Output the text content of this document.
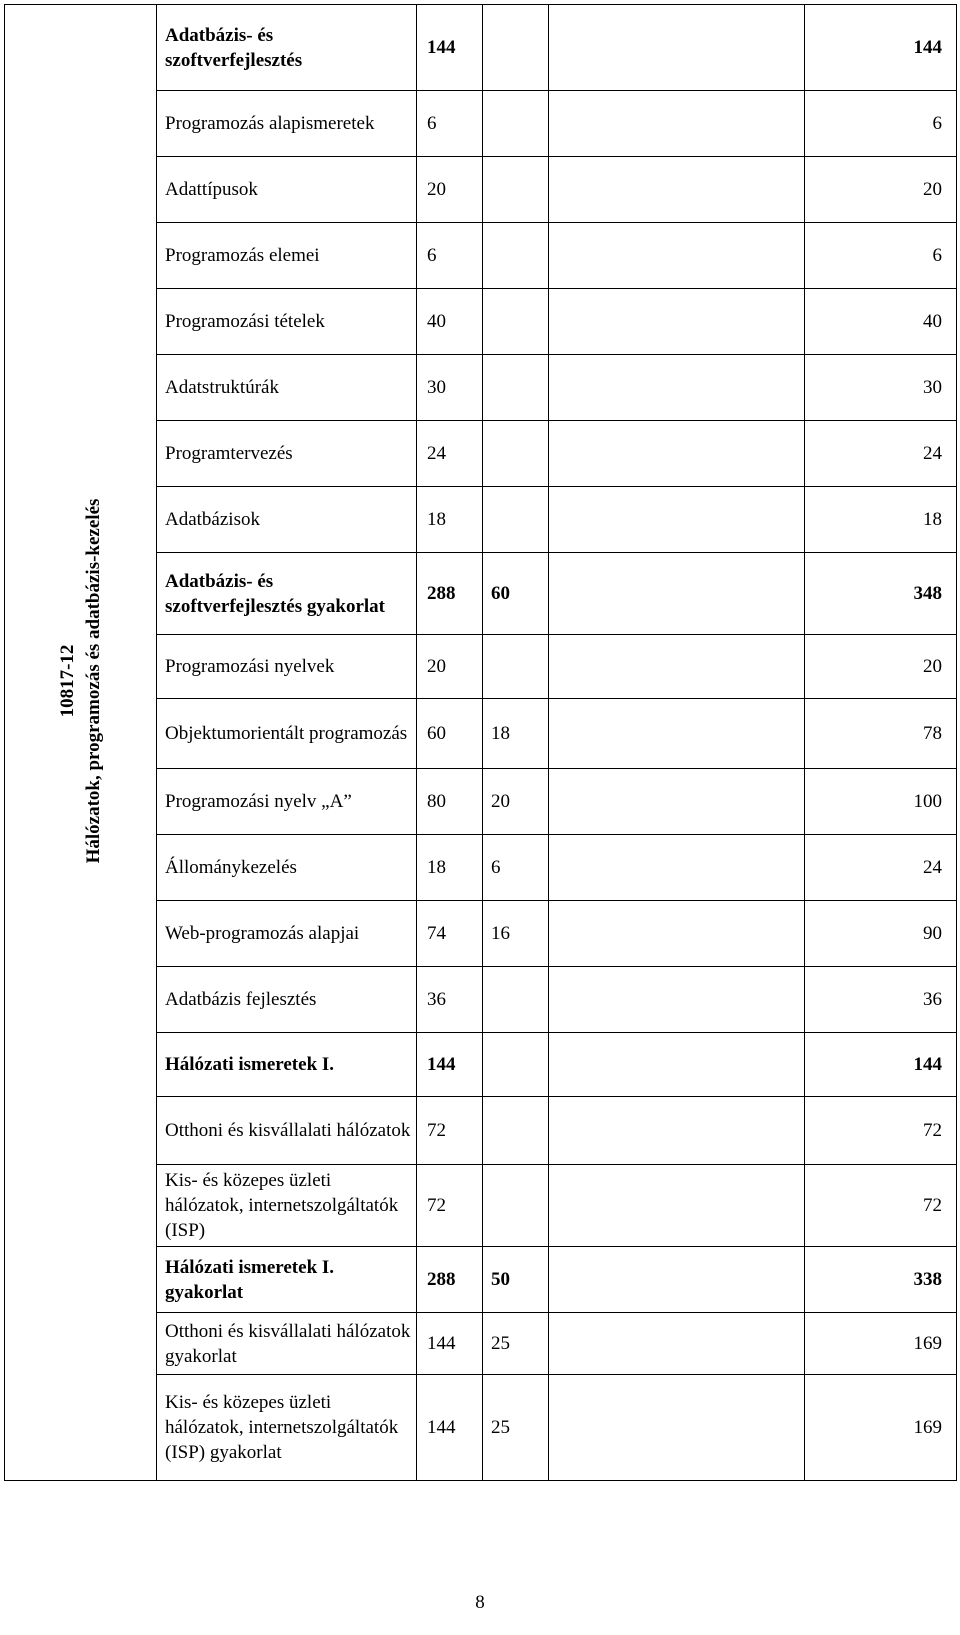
10817-12 Hálózatok, programozás és adatbázis-kezelés	Adatbázis- és szoftverfejlesztés	144			144
	Programozás alapismeretek	6			6
	Adattípusok	20			20
	Programozás elemei	6			6
	Programozási tételek	40			40
	Adatstruktúrák	30			30
	Programtervezés	24			24
	Adatbázisok	18			18
	Adatbázis- és szoftverfejlesztés gyakorlat	288	60		348
	Programozási nyelvek	20			20
	Objektumorientált programozás	60	18		78
	Programozási nyelv „A”	80	20		100
	Állománykezelés	18	6		24
	Web-programozás alapjai	74	16		90
	Adatbázis fejlesztés	36			36
	Hálózati ismeretek I.	144			144
	Otthoni és kisvállalati hálózatok	72			72
	Kis- és közepes üzleti hálózatok, internetszolgáltatók (ISP)	72			72
	Hálózati ismeretek I. gyakorlat	288	50		338
	Otthoni és kisvállalati hálózatok gyakorlat	144	25		169
	Kis- és közepes üzleti hálózatok, internetszolgáltatók (ISP) gyakorlat	144	25		169
8
